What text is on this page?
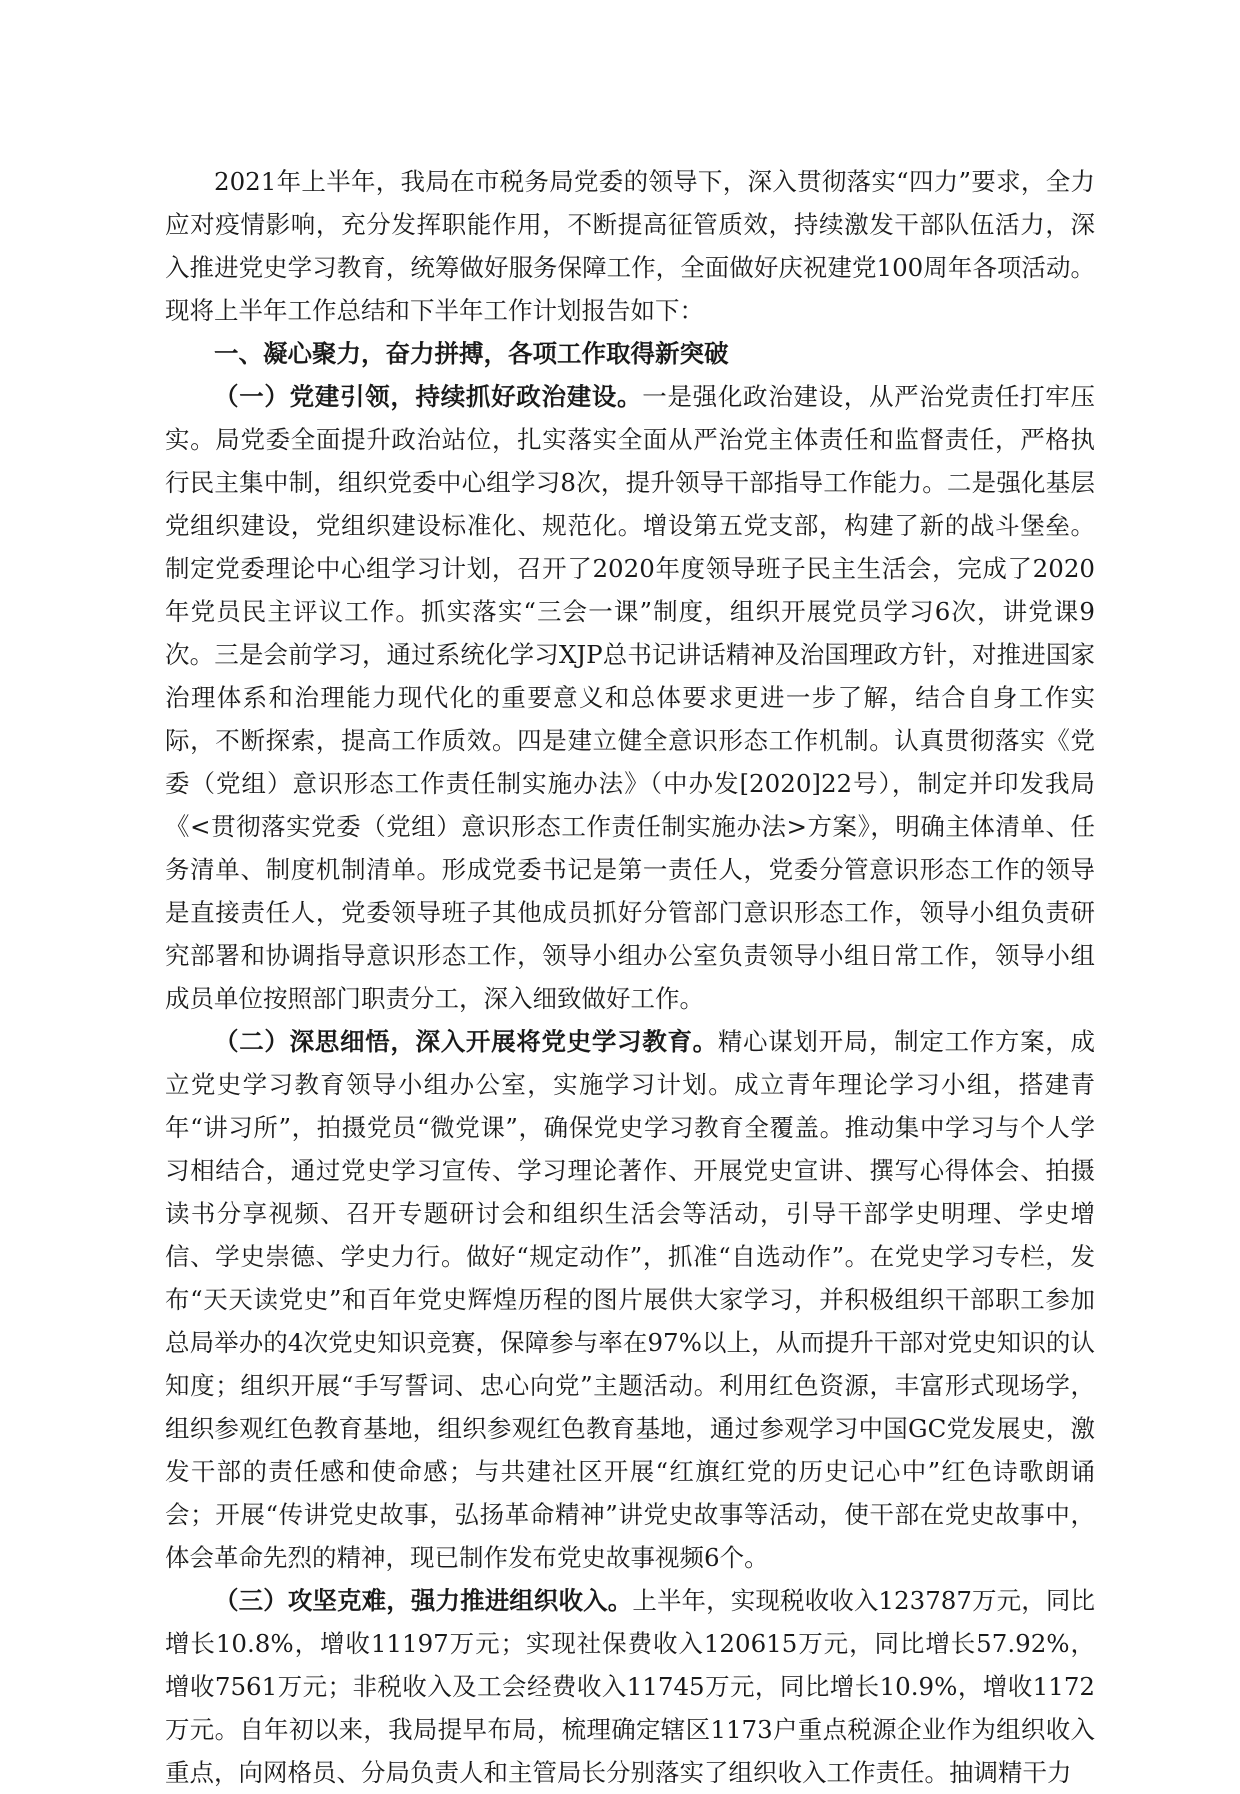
2021年上半年，我局在市税务局党委的领导下，深入贯彻落实“四力”要求，全力应对疫情影响，充分发挥职能作用，不断提高征管质效，持续激发干部队伍活力，深入推进党史学习教育，统筹做好服务保障工作，全面做好庆祝建党100周年各项活动。现将上半年工作总结和下半年工作计划报告如下：

一、凝心聚力，奋力拼搏，各项工作取得新突破

（一）党建引领，持续抓好政治建设。一是强化政治建设，从严治党责任打牢压实。局党委全面提升政治站位，扎实落实全面从严治党主体责任和监督责任，严格执行民主集中制，组织党委中心组学习8次，提升领导干部指导工作能力。二是强化基层党组织建设，党组织建设标准化、规范化。增设第五党支部，构建了新的战斗堡垒。制定党委理论中心组学习计划，召开了2020年度领导班子民主生活会，完成了2020年党员民主评议工作。抓实落实“三会一课”制度，组织开展党员学习6次，讲党课9次。三是会前学习，通过系统化学习XJP总书记讲话精神及治国理政方针，对推进国家治理体系和治理能力现代化的重要意义和总体要求更进一步了解，结合自身工作实际，不断探索，提高工作质效。四是建立健全意识形态工作机制。认真贯彻落实《党委（党组）意识形态工作责任制实施办法》（中办发[2020]22号），制定并印发我局《<贯彻落实党委（党组）意识形态工作责任制实施办法>方案》，明确主体清单、任务清单、制度机制清单。形成党委书记是第一责任人，党委分管意识形态工作的领导是直接责任人，党委领导班子其他成员抓好分管部门意识形态工作，领导小组负责研究部署和协调指导意识形态工作，领导小组办公室负责领导小组日常工作，领导小组成员单位按照部门职责分工，深入细致做好工作。

（二）深思细悟，深入开展将党史学习教育。精心谋划开局，制定工作方案，成立党史学习教育领导小组办公室，实施学习计划。成立青年理论学习小组，搭建青年“讲习所”，拍摄党员“微党课”，确保党史学习教育全覆盖。推动集中学习与个人学习相结合，通过党史学习宣传、学习理论著作、开展党史宣讲、撰写心得体会、拍摄读书分享视频、召开专题研讨会和组织生活会等活动，引导干部学史明理、学史增信、学史崇德、学史力行。做好“规定动作”，抓准“自选动作”。在党史学习专栏，发布“天天读党史”和百年党史辉煌历程的图片展供大家学习，并积极组织干部职工参加总局举办的4次党史知识竞赛，保障参与率在97%以上，从而提升干部对党史知识的认知度；组织开展“手写誓词、忠心向党”主题活动。利用红色资源，丰富形式现场学，组织参观红色教育基地，组织参观红色教育基地，通过参观学习中国GC党发展史，激发干部的责任感和使命感；与共建社区开展“红旗红党的历史记心中”红色诗歌朗诵会；开展“传讲党史故事，弘扬革命精神”讲党史故事等活动，使干部在党史故事中，体会革命先烈的精神，现已制作发布党史故事视频6个。

（三）攻坚克难，强力推进组织收入。上半年，实现税收收入123787万元，同比增长10.8%，增收11197万元；实现社保费收入120615万元，同比增长57.92%，增收7561万元；非税收入及工会经费收入11745万元，同比增长10.9%，增收1172万元。自年初以来，我局提早布局，梳理确定辖区1173户重点税源企业作为组织收入重点，向网格员、分局负责人和主管局长分别落实了组织收入工作责任。抽调精干力
